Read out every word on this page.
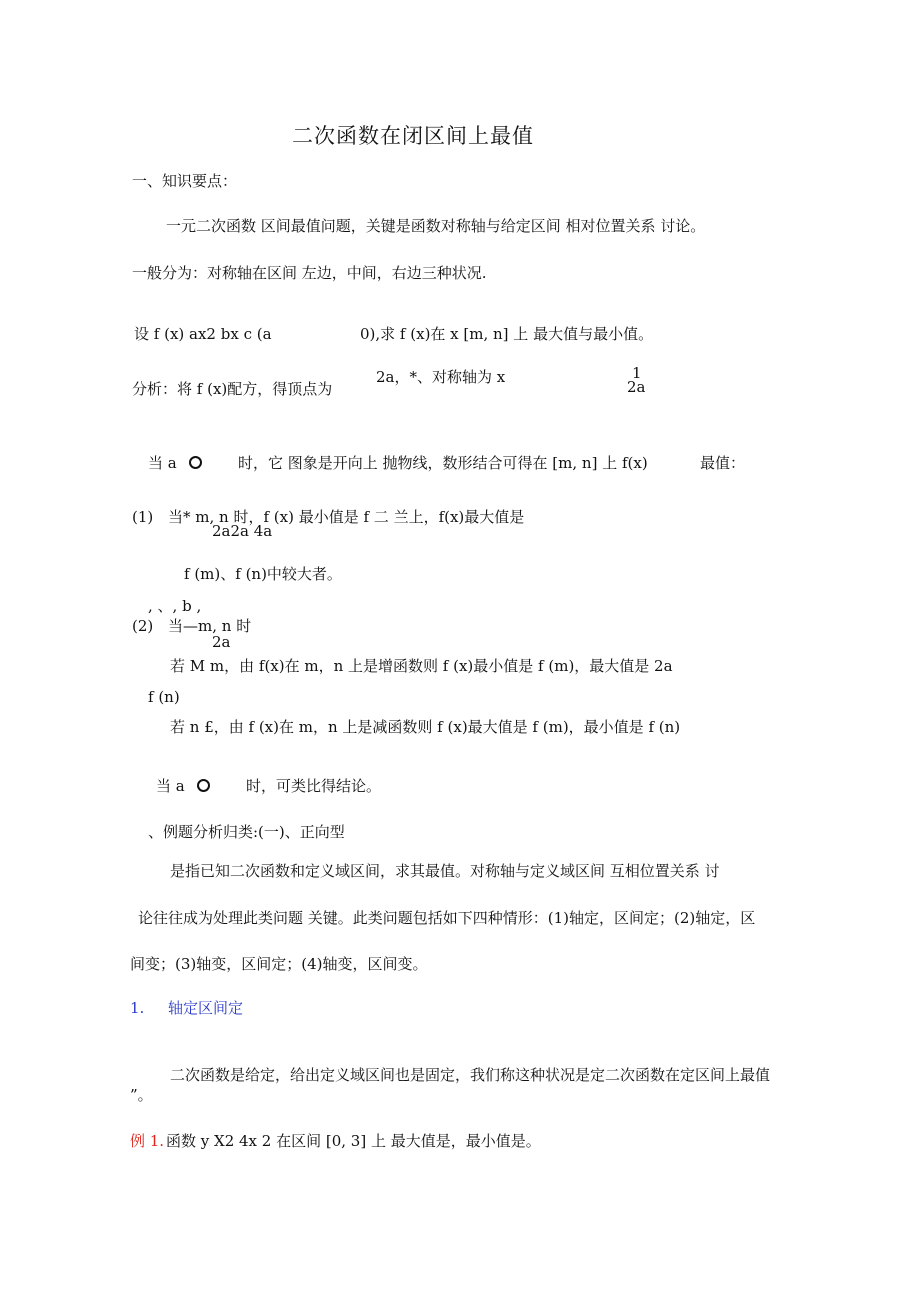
二次函数在闭区间上最值
一、知识要点：
一元二次函数 区间最值问题，关键是函数对称轴与给定区间 相对位置关系 讨论。
一般分为：对称轴在区间 左边，中间，右边三种状况.
设 f (x) ax2 bx c (a	0),求 f (x)在 x [m, n] 上 最大值与最小值。
分析：将 f (x)配方，得顶点为
2a，*、对称轴为 x	1
2a
当 a	时，它 图象是开向上 抛物线，数形结合可得在 [m, n] 上 f(x)	最值：
(1) 当* m, n 时，f (x) 最小值是 f 二 兰上，f(x)最大值是
2a2a 4a
f (m)、f (n)中较大者。
, 、, b ,
(2) 当—m, n 时
2a
若 M m，由 f(x)在 m，n 上是增函数则 f (x)最小值是 f (m)，最大值是 2a
f (n)
若 n £，由 f (x)在 m，n 上是减函数则 f (x)最大值是 f (m)，最小值是 f (n)
当 a	时，可类比得结论。
、例题分析归类:(一)、正向型
是指已知二次函数和定义域区间，求其最值。对称轴与定义域区间 互相位置关系 讨
论往往成为处理此类问题 关键。此类问题包括如下四种情形：(1)轴定，区间定；(2)轴定，区
间变；(3)轴变，区间定；(4)轴变，区间变。
1. 轴定区间定
二次函数是给定，给出定义域区间也是固定，我们称这种状况是定二次函数在定区间上最值
”。
例 1. 函数 y X2 4x 2 在区间 [0, 3] 上 最大值是，最小值是。
